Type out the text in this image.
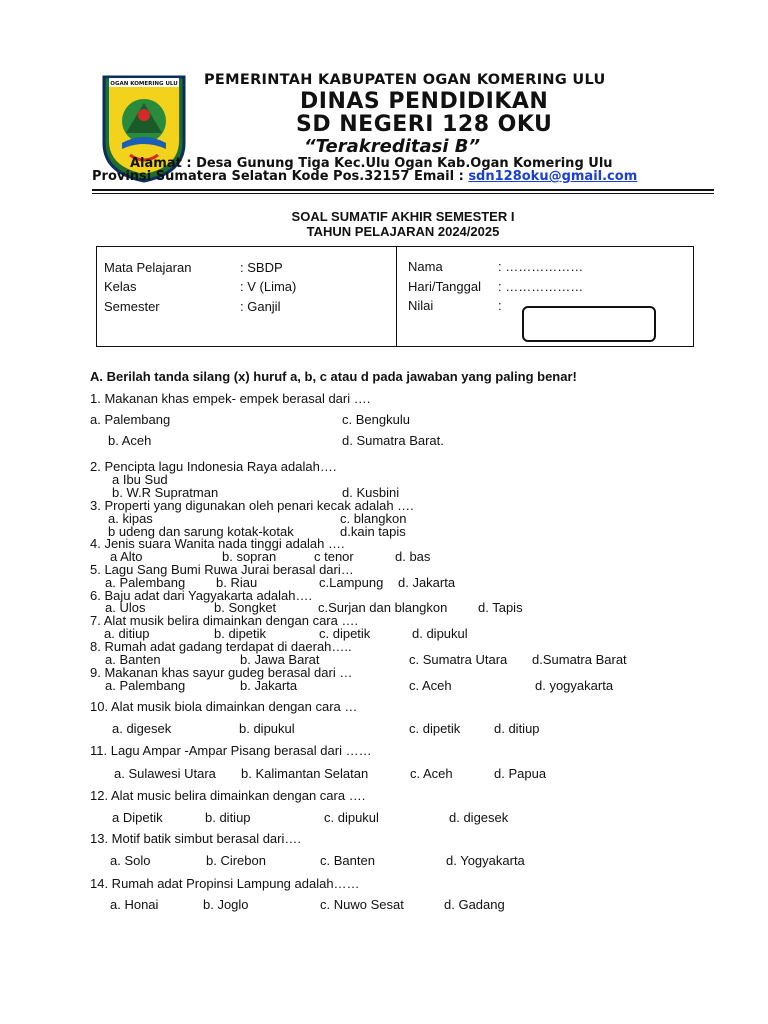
OGAN KOMERING ULU PEMERINTAH KABUPATEN OGAN KOMERING ULU
DINAS PENDIDIKAN
SD NEGERI 128 OKU
“Terakreditasi B”
Alamat : Desa Gunung Tiga Kec.Ulu Ogan Kab.Ogan Komering Ulu
Provinsi Sumatera Selatan Kode Pos.32157 Email : sdn128oku@gmail.com
SOAL SUMATIF AKHIR SEMESTER I
TAHUN PELAJARAN 2024/2025
Mata Pelajaran	: SBDP
Kelas	: V (Lima)
Semester	: Ganjil
Nama	: ………………
Hari/Tanggal : ………………
Nilai	:
A. Berilah tanda silang (x) huruf a, b, c atau d pada jawaban yang paling benar!
1. Makanan khas empek- empek berasal dari ….
a. Palembang	c. Bengkulu
b. Aceh	d. Sumatra Barat.
2. Pencipta lagu Indonesia Raya adalah….
a Ibu Sud
b. W.R Supratman	d. Kusbini
3. Properti yang digunakan oleh penari kecak adalah ….
a. kipas	c. blangkon
b udeng dan sarung kotak-kotak	d.kain tapis
4. Jenis suara Wanita nada tinggi adalah ….
a Alto	b. sopran	c tenor	d. bas
5. Lagu Sang Bumi Ruwa Jurai berasal dari…
a. Palembang b. Riau	c.Lampung d. Jakarta
6. Baju adat dari Yagyakarta adalah….
a. Ulos	b. Songket	c.Surjan dan blangkon d. Tapis
7. Alat musik belira dimainkan dengan cara ….
a. ditiup	b. dipetik	c. dipetik	d. dipukul
8. Rumah adat gadang terdapat di daerah…..
a. Banten	b. Jawa Barat	c. Sumatra Utara d.Sumatra Barat
9. Makanan khas sayur gudeg berasal dari …
a. Palembang	b. Jakarta	c. Aceh	d. yogyakarta
10. Alat musik biola dimainkan dengan cara …
a. digesek	b. dipukul	c. dipetik	d. ditiup
11. Lagu Ampar -Ampar Pisang berasal dari ……
a. Sulawesi Utara b. Kalimantan Selatan	c. Aceh	d. Papua
12. Alat music belira dimainkan dengan cara ….
a Dipetik	b. ditiup	c. dipukul	d. digesek
13. Motif batik simbut berasal dari….
a. Solo	b. Cirebon	c. Banten	d. Yogyakarta
14. Rumah adat Propinsi Lampung adalah……
a. Honai	b. Joglo	c. Nuwo Sesat	d. Gadang
